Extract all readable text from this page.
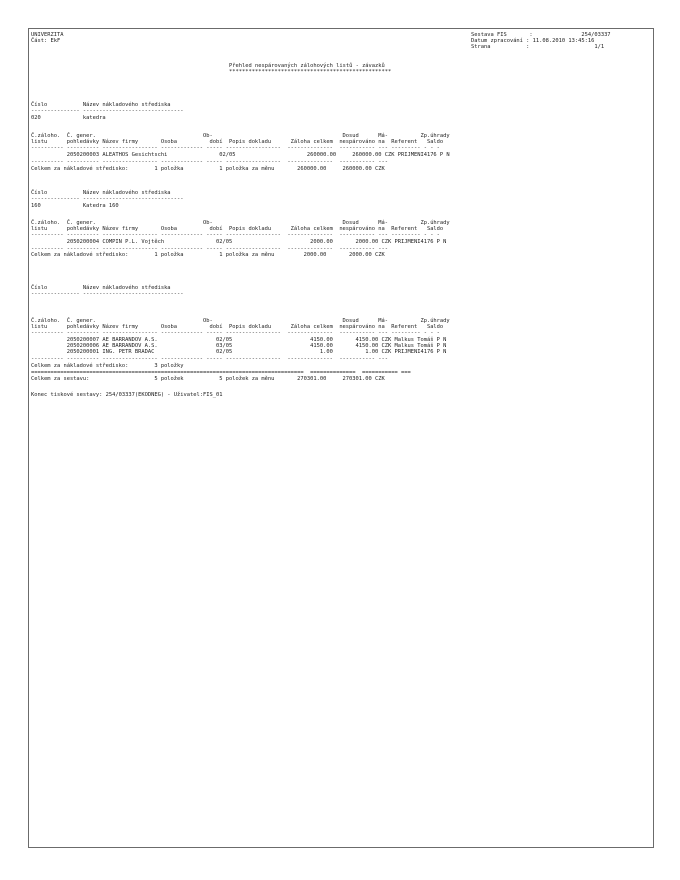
UNIVERZITA
Část: EkF
Sestava FIS       :               254/03337
Datum zpracování : 11.08.2010 13:45:16
Strana           :                    1/1
Přehled nespárovaných zálohových listů - závazků
**************************************************
Číslo           Název nákladového střediska
--------------- -------------------------------
020             katedra
Č.záloho.  Č. gener.                                 Ob-                                        Dosud      Má-          Zp.úhrady
listu      pohledávky Název firmy       Osoba          dobí  Popis dokladu      Záloha celkem  nespárováno na  Referent   Saldo
---------- ---------- ----------------- ------------- ----- -----------------  --------------  ----------- --- --------- - - -
2050200003 ALEATHOS Gesichtschi                02/05                      260000.00     260000.00 CZK PRIJMENI4176 P N
---------- ---------- ----------------- ------------- ----- -----------------  --------------  ----------- ---
Celkem za nákladové středisko:        1 položka           1 položka za měnu       260000.00     260000.00 CZK
Číslo           Název nákladového střediska
--------------- -------------------------------
160             Katedra 160
Č.záloho.  Č. gener.                                 Ob-                                        Dosud      Má-          Zp.úhrady
listu      pohledávky Název firmy       Osoba          dobí  Popis dokladu      Záloha celkem  nespárováno na  Referent   Saldo
---------- ---------- ----------------- ------------- ----- -----------------  --------------  ----------- --- --------- - - -
2050200004 COMPIN P.L. Vojtěch                02/05                        2000.00       2000.00 CZK PRIJMENI4176 P N
---------- ---------- ----------------- ------------- ----- -----------------  --------------  ----------- ---
Celkem za nákladové středisko:        1 položka           1 položka za měnu         2000.00       2000.00 CZK
Číslo           Název nákladového střediska
--------------- -------------------------------
Č.záloho.  Č. gener.                                 Ob-                                        Dosud      Má-          Zp.úhrady
listu      pohledávky Název firmy       Osoba          dobí  Popis dokladu      Záloha celkem  nespárováno na  Referent   Saldo
---------- ---------- ----------------- ------------- ----- -----------------  --------------  ----------- --- --------- - - -
2050200007 AE BARRANDOV A.S.                  02/05                        4150.00       4150.00 CZK Malkus Tomáš P N
2050200006 AE BARRANDOV A.S.                  03/05                        4150.00       4150.00 CZK Malkus Tomáš P N
2050200001 ING. PETR BRADAC                   02/05                           1.00          1.00 CZK PRIJMENI4176 P N
---------- ---------- ----------------- ------------- ----- -----------------  --------------  ----------- ---
Celkem za nákladové středisko:        3 položky
====================================================================================  ==============  =========== ===
Celkem za sestavu:                    5 položek           5 položek za měnu       270301.00     270301.00 CZK
Konec tiskové sestavy: 254/03337(EKODNEG) - Uživatel:FIS_01
